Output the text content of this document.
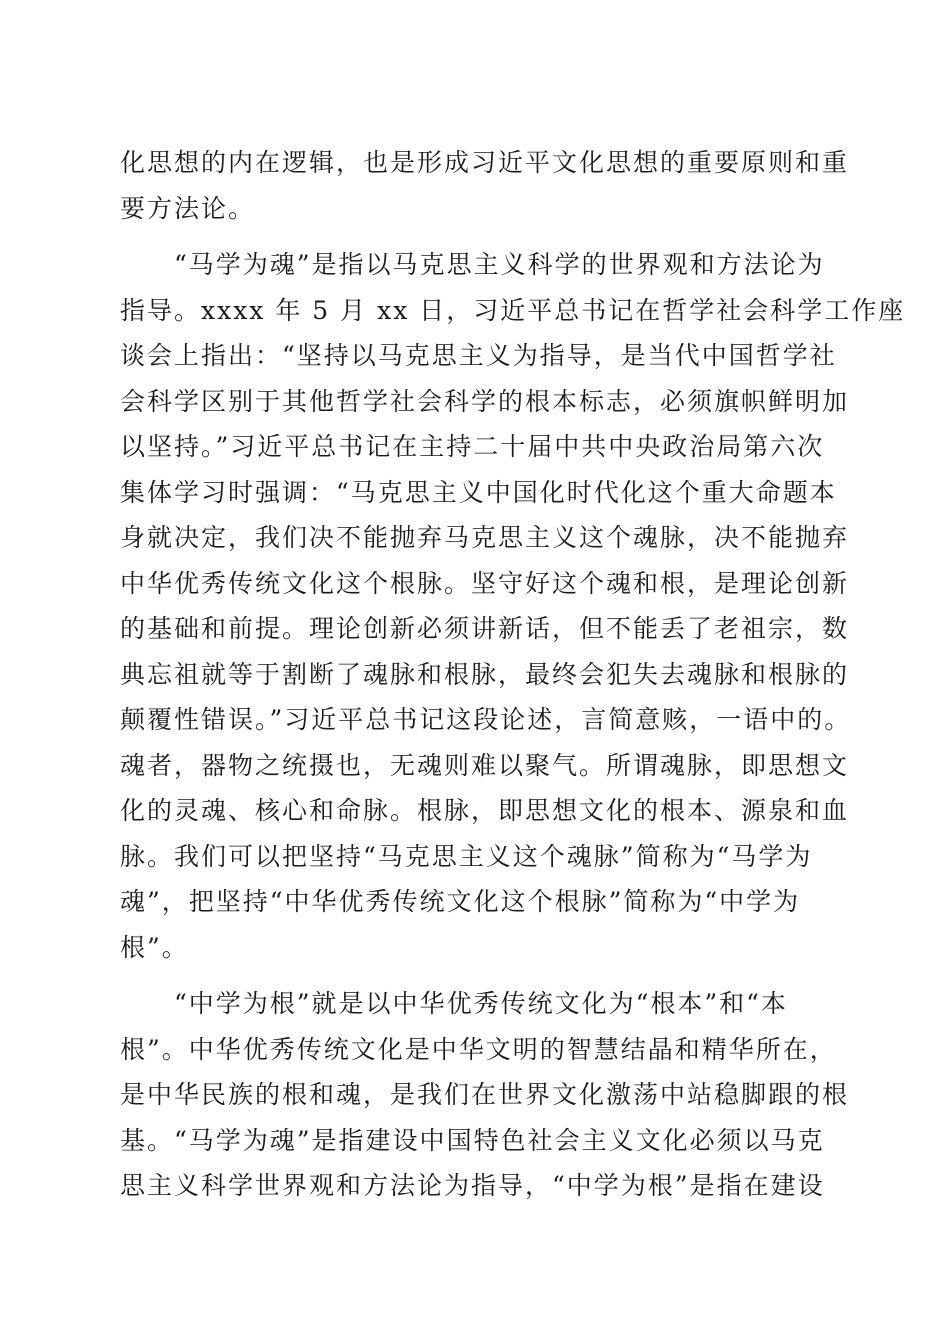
化思想的内在逻辑，也是形成习近平文化思想的重要原则和重
要方法论。
　　“马学为魂”是指以马克思主义科学的世界观和方法论为
指导。xxxx 年 5 月 xx 日，习近平总书记在哲学社会科学工作座
谈会上指出：“坚持以马克思主义为指导，是当代中国哲学社
会科学区别于其他哲学社会科学的根本标志，必须旗帜鲜明加
以坚持。”习近平总书记在主持二十届中共中央政治局第六次
集体学习时强调：“马克思主义中国化时代化这个重大命题本
身就决定，我们决不能抛弃马克思主义这个魂脉，决不能抛弃
中华优秀传统文化这个根脉。坚守好这个魂和根，是理论创新
的基础和前提。理论创新必须讲新话，但不能丢了老祖宗，数
典忘祖就等于割断了魂脉和根脉，最终会犯失去魂脉和根脉的
颠覆性错误。”习近平总书记这段论述，言简意赅，一语中的。
魂者，器物之统摄也，无魂则难以聚气。所谓魂脉，即思想文
化的灵魂、核心和命脉。根脉，即思想文化的根本、源泉和血
脉。我们可以把坚持“马克思主义这个魂脉”简称为“马学为
魂”，把坚持“中华优秀传统文化这个根脉”简称为“中学为
根”。
　　“中学为根”就是以中华优秀传统文化为“根本”和“本
根”。中华优秀传统文化是中华文明的智慧结晶和精华所在，
是中华民族的根和魂，是我们在世界文化激荡中站稳脚跟的根
基。“马学为魂”是指建设中国特色社会主义文化必须以马克
思主义科学世界观和方法论为指导，“中学为根”是指在建设
